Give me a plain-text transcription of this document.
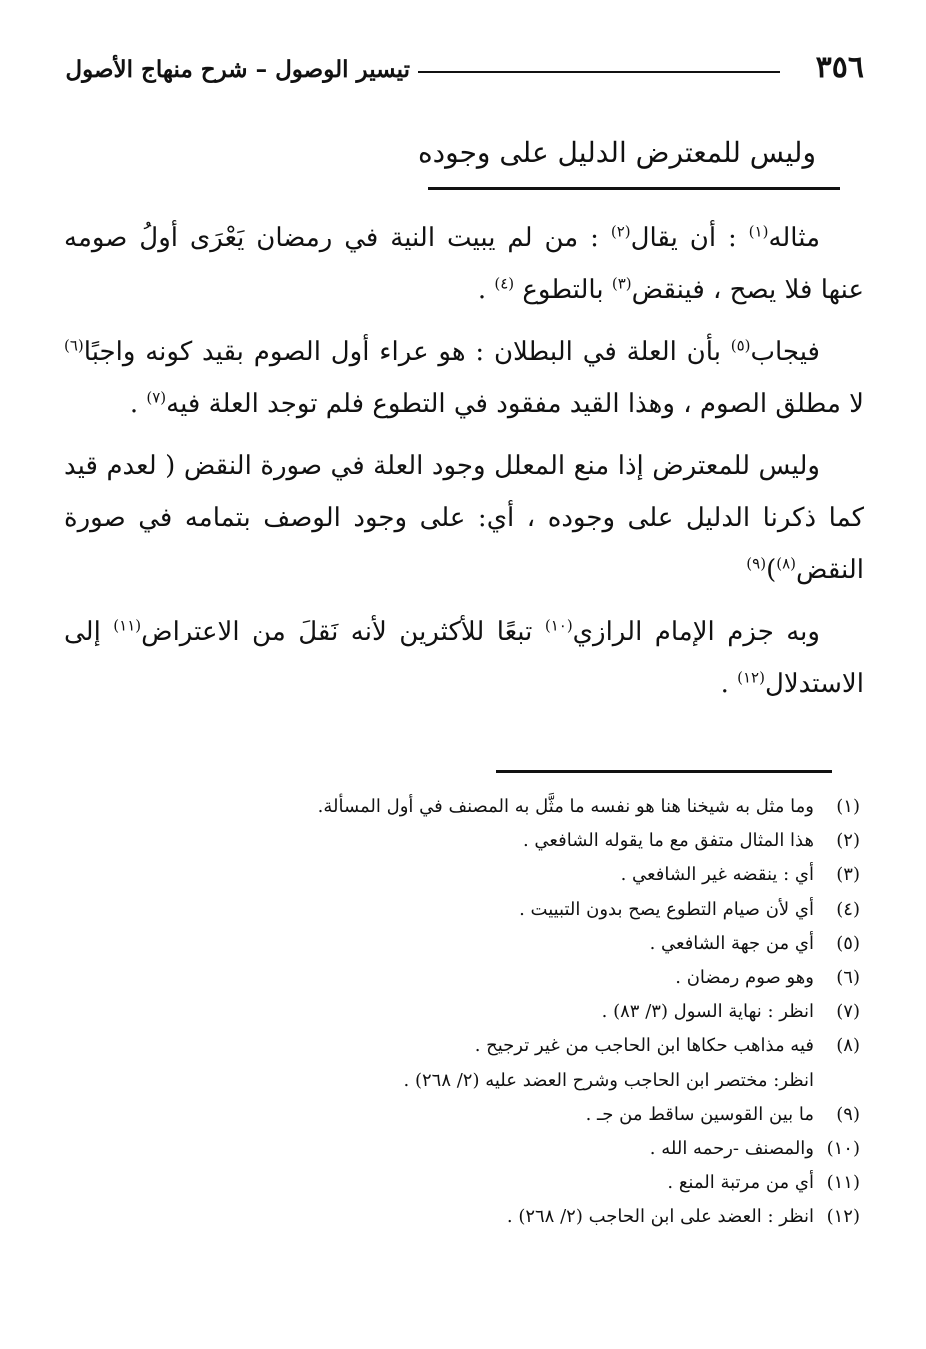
٣٥٦
تيسير الوصول – شرح منهاج الأصول
وليس للمعترض الدليل على وجوده

مثاله$^{(١)}$ : أن يقال$^{(٢)}$ : من لم يبيت النية في رمضان يَعْرَى أولُ صومه عنها فلا يصح ، فينقض$^{(٣)}$ بالتطوع $^{(٤)}$ .

فيجاب$^{(٥)}$ بأن العلة في البطلان : هو عراء أول الصوم بقيد كونه واجبًا$^{(٦)}$ لا مطلق الصوم ، وهذا القيد مفقود في التطوع فلم توجد العلة فيه$^{(٧)}$ .

وليس للمعترض إذا منع المعلل وجود العلة في صورة النقض ( لعدم قيد كما ذكرنا الدليل على وجوده ، أي: على وجود الوصف بتمامه في صورة النقض$^{(٨)}$)$^{(٩)}$

وبه جزم الإمام الرازي$^{(١٠)}$ تبعًا للأكثرين لأنه نَقلَ من الاعتراض$^{(١١)}$ إلى الاستدلال$^{(١٢)}$ .

(١)وما مثل به شيخنا هنا هو نفسه ما مثَّل به المصنف في أول المسألة.
(٢)هذا المثال متفق مع ما يقوله الشافعي .
(٣)أي : ينقضه غير الشافعي .
(٤)أي لأن صيام التطوع يصح بدون التبييت .
(٥)أي من جهة الشافعي .
(٦)وهو صوم رمضان .
(٧)انظر : نهاية السول (٣/ ٨٣) .
(٨)فيه مذاهب حكاها ابن الحاجب من غير ترجيح .
انظر: مختصر ابن الحاجب وشرح العضد عليه (٢/ ٢٦٨) .
(٩)ما بين القوسين ساقط من جـ .
(١٠)والمصنف -رحمه الله .
(١١)أي من مرتبة المنع .
(١٢)انظر : العضد على ابن الحاجب (٢/ ٢٦٨) .
